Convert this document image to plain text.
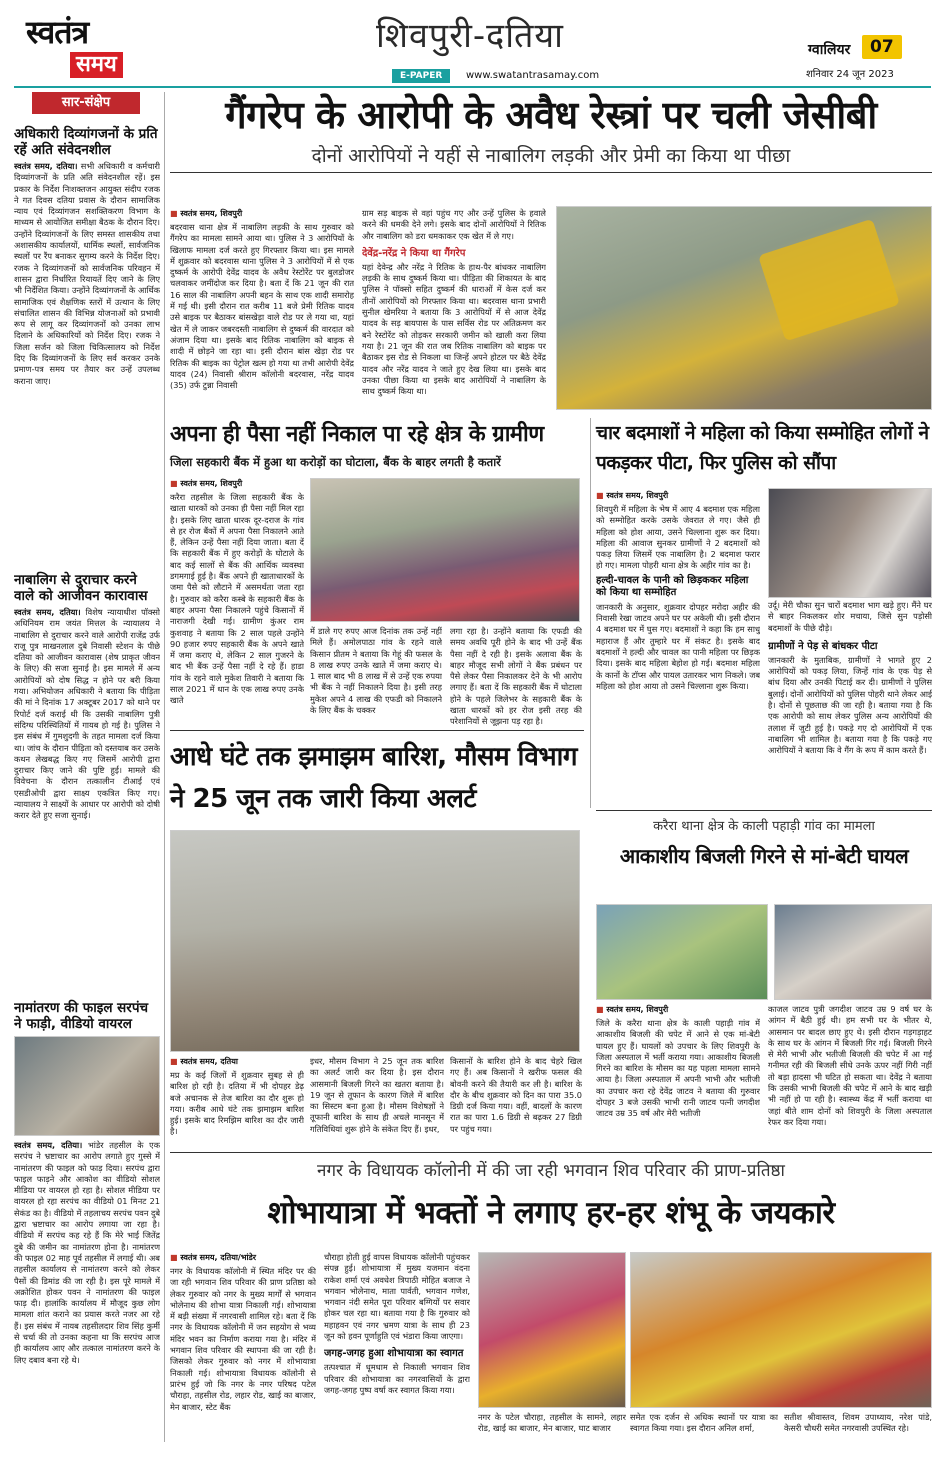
स्वतंत्र
समय
शिवपुरी-दतिया
E-PAPER	www.swatantrasamay.com
ग्वालियर	07
शनिवार 24 जून 2023
सार-संक्षेप
अधिकारी दिव्यांगजनों के प्रति रहें अति संवेदनशील
स्वतंत्र समय, दतिया। सभी अधिकारी व कर्मचारी दिव्यांगजनों के प्रति अति संवेदनशील रहें। इस प्रकार के निर्देश निःशक्तजन आयुक्त संदीप रजक ने गत दिवस दतिया प्रवास के दौरान सामाजिक न्याय एवं दिव्यांगजन सशक्तिकरण विभाग के माध्यम से आयोजित समीक्षा बैठक के दौरान दिए। उन्होंने दिव्यांगजनों के लिए समस्त शासकीय तथा अशासकीय कार्यालयों, धार्मिक स्थलों, सार्वजनिक स्थलों पर रैंप बनाकर सुगम्य करने के निर्देश दिए। रजक ने दिव्यांगजनों को सार्वजनिक परिवहन में शासन द्वारा निर्धारित रियायतें दिए जाने के लिए भी निर्देशित किया। उन्होंने दिव्यांगजनों के आर्थिक सामाजिक एवं शैक्षणिक स्तरों में उत्थान के लिए संचालित शासन की विभिन्न योजनाओं को प्रभावी रूप से लागू कर दिव्यांगजनों को उनका लाभ दिलाने के अधिकारियों को निर्देश दिए। रजक ने जिला सर्जन को जिला चिकित्सालय को निर्देश दिए कि दिव्यांगजनों के लिए सर्व करकर उनके प्रमाण-पत्र समय पर तैयार कर उन्हें उपलब्ध कराना जाए।
नाबालिग से दुराचार करने वाले को आजीवन कारावास
स्वतंत्र समय, दतिया। विशेष न्यायाधीश पॉक्सो अधिनियम राम जयंत मित्तल के न्यायालय ने नाबालिग से दुराचार करने वाले आरोपी राजेंद्र उर्फ राजू पुत्र माखनलाल दुबे निवासी स्टेशन के पीछे दतिया को आजीवन कारावास (शेष प्राकृत जीवन के लिए) की सजा सुनाई है। इस मामले में अन्य आरोपियों को दोष सिद्ध न होने पर बरी किया गया। अभियोजन अधिकारी ने बताया कि पीड़िता की मां ने दिनांक 17 अक्टूबर 2017 को थाने पर रिपोर्ट दर्ज कराई थी कि उसकी नाबालिग पुत्री संदिग्ध परिस्थितियों में गायब हो गई है। पुलिस ने इस संबंध में गुमशुदगी के तहत मामला दर्ज किया था। जांच के दौरान पीड़िता को दस्तयाब कर उसके कथन लेखबद्ध किए गए जिसमें आरोपी द्वारा दुराचार किए जाने की पुष्टि हुई। मामले की विवेचना के दौरान तत्कालीन टीआई एवं एसडीओपी द्वारा साक्ष्य एकत्रित किए गए। न्यायालय ने साक्ष्यों के आधार पर आरोपी को दोषी करार देते हुए सजा सुनाई।
नामांतरण की फाइल सरपंच ने फाड़ी, वीडियो वायरल
स्वतंत्र समय, दतिया। भांडेर तहसील के एक सरपंच ने भ्रष्टाचार का आरोप लगाते हुए गुस्से में नामांतरण की फाइल को फाड़ दिया। सरपंच द्वारा फाइल फाड़ने और आकोश का वीडियो सोशल मीडिया पर वायरल हो रहा है। सोशल मीडिया पर वायरल हो रहा सरपंच का वीडियो 01 मिनट 21 सेकंड का है। वीडियो में तहलाचय सरपंच पवन दुबे द्वारा भ्रष्टाचार का आरोप लगाया जा रहा है। वीडियो में सरपंच कह रहे हैं कि मेरे भाई जितेंद्र दुबे की जमीन का नामांतरण होना है। नामांतरण की फाइल 02 माह पूर्व तहसील में लगाई थी। अब तहसील कार्यालय से नामांतरण करने को लेकर पैसों की डिमांड की जा रही है। इस पूरे मामले में अक्रोशित होकर पवन ने नामांतरण की फाइल फाड़ दी। हालांकि कार्यालय में मौजूद कुछ लोग मामला शांत कराने का प्रयास करते नजर आ रहे हैं। इस संबंध में नायब तहसीलदार शिव सिंह कुर्मी से चर्चा की तो उनका कहना था कि सरपंच आज ही कार्यालय आए और तत्काल नामांतरण करने के लिए दबाव बना रहे थे।
गैंगरेप के आरोपी के अवैध रेस्त्रां पर चली जेसीबी
दोनों आरोपियों ने यहीं से नाबालिग लड़की और प्रेमी का किया था पीछा
■ स्वतंत्र समय, शिवपुरी
बदरवास थाना क्षेत्र में नाबालिग लड़की के साथ गुरुवार को गैंगरेप का मामला सामने आया था। पुलिस ने 3 आरोपियों के खिलाफ मामला दर्ज करते हुए गिरफ्तार किया था। इस मामले में शुक्रवार को बदरवास थाना पुलिस ने 3 आरोपियों में से एक दुष्कर्म के आरोपी देवेंद्र यादव के अवैध रेस्टोरेंट पर बुलडोजर चलवाकर जमींदोज कर दिया है। बता दें कि 21 जून की रात 16 साल की नाबालिग अपनी बहन के साथ एक शादी समारोह में गई थी। इसी दौरान रात करीब 11 बजे प्रेमी रितिक यादव उसे बाइक पर बैठाकर बांसखेड़ा वाले रोड पर ले गया था, यहां खेत में ले जाकर जबरदस्ती नाबालिग से दुष्कर्म की वारदात को अंजाम दिया था। इसके बाद रितिक नाबालिग को बाइक से शादी में छोड़ने जा रहा था। इसी दौरान बांस खेड़ा रोड पर रितिक की बाइक का पेट्रोल खत्म हो गया था तभी आरोपी देवेंद्र यादव (24) निवासी श्रीराम कॉलोनी बदरवास, नरेंद्र यादव (35) उर्फ टुन्ना निवासी
ग्राम सड़ बाइक से वहां पहुंच गए और उन्हें पुलिस के हवाले करने की धमकी देने लगे। इसके बाद दोनों आरोपियों ने रितिक और नाबालिग को डरा धमकाकर एक खेत में ले गए।
देवेंद्र-नरेंद्र ने किया था गैंगरेप
यहां देवेन्द्र और नरेंद्र ने रितिक के हाथ-पैर बांधकर नाबालिग लड़की के साथ दुष्कर्म किया था। पीड़िता की शिकायत के बाद पुलिस ने पॉक्सो सहित दुष्कर्म की धाराओं में केस दर्ज कर तीनों आरोपियों को गिरफ्तार किया था। बदरवास थाना प्रभारी सुनील खेमरिया ने बताया कि 3 आरोपियों में से आज देवेंद्र यादव के सड़ बायपास के पास सर्विस रोड पर अतिक्रमण कर बने रेस्टोरेंट को तोड़कर सरकारी जमीन को खाली करा लिया गया है। 21 जून की रात जब रितिक नाबालिग को बाइक पर बैठाकर इस रोड से निकला था जिन्हें अपने होटल पर बैठे देवेंद्र यादव और नरेंद्र यादव ने जाते हुए देख लिया था। इसके बाद उनका पीछा किया था इसके बाद आरोपियों ने नाबालिग के साथ दुष्कर्म किया था।
अपना ही पैसा नहीं निकाल पा रहे क्षेत्र के ग्रामीण
जिला सहकारी बैंक में हुआ था करोड़ों का घोटाला, बैंक के बाहर लगती है कतारें
■ स्वतंत्र समय, शिवपुरी
करैरा तहसील के जिला सहकारी बैंक के खाता धारकों को उनका ही पैसा नहीं मिल रहा है। इसके लिए खाता धारक दूर-दराज के गांव से हर रोज बैंकों में अपना पैसा निकालने आते हैं, लेकिन उन्हें पैसा नहीं दिया जाता। बता दें कि सहकारी बैंक में हुए करोड़ों के घोटाले के बाद कई सालों से बैंक की आर्थिक व्यवस्था डगमगाई हुई है। बैंक अपने ही खाताधारकों के जमा पैसे को लौटाने में असमर्थता जता रहा है। गुरुवार को करैरा कस्बे के सहकारी बैंक के बाहर अपना पैसा निकालने पहुंचे किसानों में नाराजगी देखी गई। ग्रामीण कुंअर राम कुशवाह ने बताया कि 2 साल पहले उन्होंने 90 हजार रुपए सहकारी बैंक के अपने खाते में जमा कराए थे, लेकिन 2 साल गुजरने के बाद भी बैंक उन्हें पैसा नहीं दे रहे हैं। हाडा गांव के रहने वाले मुकेश तिवारी ने बताया कि साल 2021 में धान के एक लाख रुपए उनके खाते
में डाले गए रुपए आज दिनांक तक उन्हें नहीं मिले हैं। अमोलपाठा गांव के रहने वाले किसान प्रीतम ने बताया कि गेहूं की फसल के 8 लाख रुपए उनके खाते में जमा कराए थे। 1 साल बाद भी 8 लाख में से उन्हें एक रुपया भी बैंक ने नहीं निकालने दिया है। इसी तरह मुकेश अपने 4 लाख की एफडी को निकालने के लिए बैंक के चक्कर
लगा रहा है। उन्होंने बताया कि एफडी की समय अवधि पूरी होने के बाद भी उन्हें बैंक पैसा नहीं दे रही है। इसके अलावा बैंक के बाहर मौजूद सभी लोगों ने बैंक प्रबंधन पर पैसे लेकर पैसा निकालकर देने के भी आरोप लगाए हैं। बता दें कि सहकारी बैंक में घोटाला होने के पहले जिलेभर के सहकारी बैंक के खाता धारकों को हर रोज इसी तरह की परेशानियों से जूझना पड़ रहा है।
चार बदमाशों ने महिला को किया सम्मोहित लोगों ने पकड़कर पीटा, फिर पुलिस को सौंपा
■ स्वतंत्र समय, शिवपुरी
शिवपुरी में महिला के भेष में आए 4 बदमाश एक महिला को सम्मोहित करके उसके जेवरात ले गए। जैसे ही महिला को होश आया, उसने चिल्लाना शुरू कर दिया। महिला की आवाज सुनकर ग्रामीणों ने 2 बदमाशों को पकड़ लिया जिसमें एक नाबालिग है। 2 बदमाश फरार हो गए। मामला पोहरी थाना क्षेत्र के अहीर गांव का है।
हल्दी-चावल के पानी को छिड़ककर महिला को किया था सम्मोहित
जानकारी के अनुसार, शुक्रवार दोपहर मरोदा अहीर की निवासी रेखा जाटव अपने घर पर अकेली थी। इसी दौरान 4 बदमाश घर में घुस गए। बदमाशों ने कहा कि हम साधु महाराज हैं और तुम्हारे घर में संकट है। इसके बाद बदमाशों ने हल्दी और चावल का पानी महिला पर छिड़क दिया। इसके बाद महिला बेहोश हो गई। बदमाश महिला के कानों के टॉप्स और पायल उतारकर भाग निकले। जब महिला को होश आया तो उसने चिल्लाना शुरू किया।
उर्दू। मेरी चौका सुन चारों बदमाश भाग खड़े हुए। मैंने घर से बाहर निकलकर शोर मचाया, जिसे सुन पड़ोसी बदमाशों के पीछे दौड़े।
ग्रामीणों ने पेड़ से बांधकर पीटा
जानकारी के मुताबिक, ग्रामीणों ने भागते हुए 2 आरोपियों को पकड़ लिया, जिन्हें गांव के एक पेड़ से बांध दिया और उनकी पिटाई कर दी। ग्रामीणों ने पुलिस बुलाई। दोनों आरोपियों को पुलिस पोहरी थाने लेकर आई है। दोनों से पूछताछ की जा रही है। बताया गया है कि एक आरोपी को साथ लेकर पुलिस अन्य आरोपियों की तलाश में जुटी हुई है। पकड़े गए दो आरोपियों में एक नाबालिग भी शामिल है। बताया गया है कि पकड़े गए आरोपियों ने बताया कि वे गैंग के रूप में काम करते हैं।
आधे घंटे तक झमाझम बारिश, मौसम विभाग ने 25 जून तक जारी किया अलर्ट
■ स्वतंत्र समय, दतिया
मप्र के कई जिलों में शुक्रवार सुबह से ही बारिश हो रही है। दतिया में भी दोपहर डेढ़ बजे अचानक से तेज बारिश का दौर शुरू हो गया। करीब आधे घंटे तक झमाझम बारिश हुई। इसके बाद रिमझिम बारिश का दौर जारी है।
इधर, मौसम विभाग ने 25 जून तक बारिश का अलर्ट जारी कर दिया है। इस दौरान आसमानी बिजली गिरने का खतरा बताया है। 19 जून से तूफान के कारण जिले में बारिश का सिस्टम बना हुआ है। मौसम विशेषज्ञों ने तूफानी बारिश के साथ ही अचले मानसून में गतिविधियां शुरू होने के संकेत दिए हैं। इधर,
किसानों के बारिश होने के बाद चेहरे खिल गए हैं। अब किसानों ने खरीफ फसल की बोवनी करने की तैयारी कर ली है। बारिश के दौर के बीच शुक्रवार को दिन का पारा 35.0 डिग्री दर्ज किया गया। वहीं, बादलों के कारण रात का पारा 1.6 डिग्री से बढ़कर 27 डिग्री पर पहुंच गया।
करैरा थाना क्षेत्र के काली पहाड़ी गांव का मामला
आकाशीय बिजली गिरने से मां-बेटी घायल
■ स्वतंत्र समय, शिवपुरी
जिले के करैरा थाना क्षेत्र के काली पहाड़ी गांव में आकाशीय बिजली की चपेट में आने से एक मां-बेटी घायल हुए हैं। घायलों को उपचार के लिए शिवपुरी के जिला अस्पताल में भर्ती कराया गया। आकाशीय बिजली गिरने का बारिश के मौसम का यह पहला मामला सामने आया है। जिला अस्पताल में अपनी भाभी और भतीजी का उपचार करा रहे देवेंद्र जाटव ने बताया की गुरुवार दोपहर 3 बजे उसकी भाभी रानी जाटव पत्नी जगदीश जाटव उम्र 35 वर्ष और मेरी भतीजी
काजल जाटव पुत्री जगदीश जाटव उम्र 9 वर्ष घर के आंगन में बैठी हुई थी। हम सभी घर के भीतर थे, आसमान पर बादल छाए हुए थे। इसी दौरान गड़गड़ाहट के साथ घर के आंगन में बिजली गिर गई। बिजली गिरने से मेरी भाभी और भतीजी बिजली की चपेट में आ गई गनीमत रही की बिजली सीधे उनके ऊपर नहीं गिरी नहीं तो बड़ा हादसा भी घटित हो सकता था। देवेंद्र ने बताया कि उसकी भाभी बिजली की चपेट में आने के बाद खड़ी भी नहीं हो पा रही है। स्वास्थ्य केंद्र में भर्ती कराया था जहां बीते शाम दोनों को शिवपुरी के जिला अस्पताल रेफर कर दिया गया।
नगर के विधायक कॉलोनी में की जा रही भगवान शिव परिवार की प्राण-प्रतिष्ठा
शोभायात्रा में भक्तों ने लगाए हर-हर शंभू के जयकारे
■ स्वतंत्र समय, दतिया/भांडेर
नगर के विधायक कॉलोनी में स्थित मंदिर पर की जा रही भगवान शिव परिवार की प्राण प्रतिष्ठा को लेकर गुरुवार को नगर के मुख्य मार्गों से भगवान भोलेनाथ की शोभा यात्रा निकाली गई। शोभायात्रा में बड़ी संख्या में नगरवासी शामिल रहे। बता दें कि नगर के विधायक कॉलोनी में जन सहयोग से भव्य मंदिर भवन का निर्माण कराया गया है। मंदिर में भगवान शिव परिवार की स्थापना की जा रही है। जिसको लेकर गुरुवार को नगर में शोभायात्रा निकाली गई। शोभायात्रा विधायक कॉलोनी से प्रारंभ हुई जो कि नगर के नगर परिषद पटेल चौराहा, तहसील रोड, लहार रोड, खाई का बाजार, मेन बाजार, स्टेट बैंक
चौराहा होती हुई वापस विधायक कॉलोनी पहुंचकर संपन्न हुई। शोभायात्रा में मुख्य यजमान वंदना राकेश शर्मा एवं अवधेश त्रिपाठी मोहित बजाज ने भगवान भोलेनाथ, माता पार्वती, भगवान गणेश, भगवान नंदी समेत पूरा परिवार बग्गियों पर सवार होकर चल रहा था। बताया गया है कि गुरुवार को महाहवन एवं नगर भ्रमण यात्रा के साथ ही 23 जून को हवन पूर्णाहुति एवं भंडारा किया जाएगा।
जगह-जगह हुआ शोभायात्रा का स्वागत
तत्पश्चात में धूमधाम से निकाली भगवान शिव परिवार की शोभायात्रा का नगरवासियों के द्वारा जगह-जगह पुष्प वर्षा कर स्वागत किया गया।
नगर के पटेल चौराहा, तहसील के सामने, लहार रोड, खाई का बाजार, मेन बाजार, घाट बाजार
समेत एक दर्जन से अधिक स्थानों पर यात्रा का स्वागत किया गया। इस दौरान अनिल शर्मा,
सतीश श्रीवास्तव, शिवम उपाध्याय, नरेश पांडे, केसरी चौधरी समेत नगरवासी उपस्थित रहे।
